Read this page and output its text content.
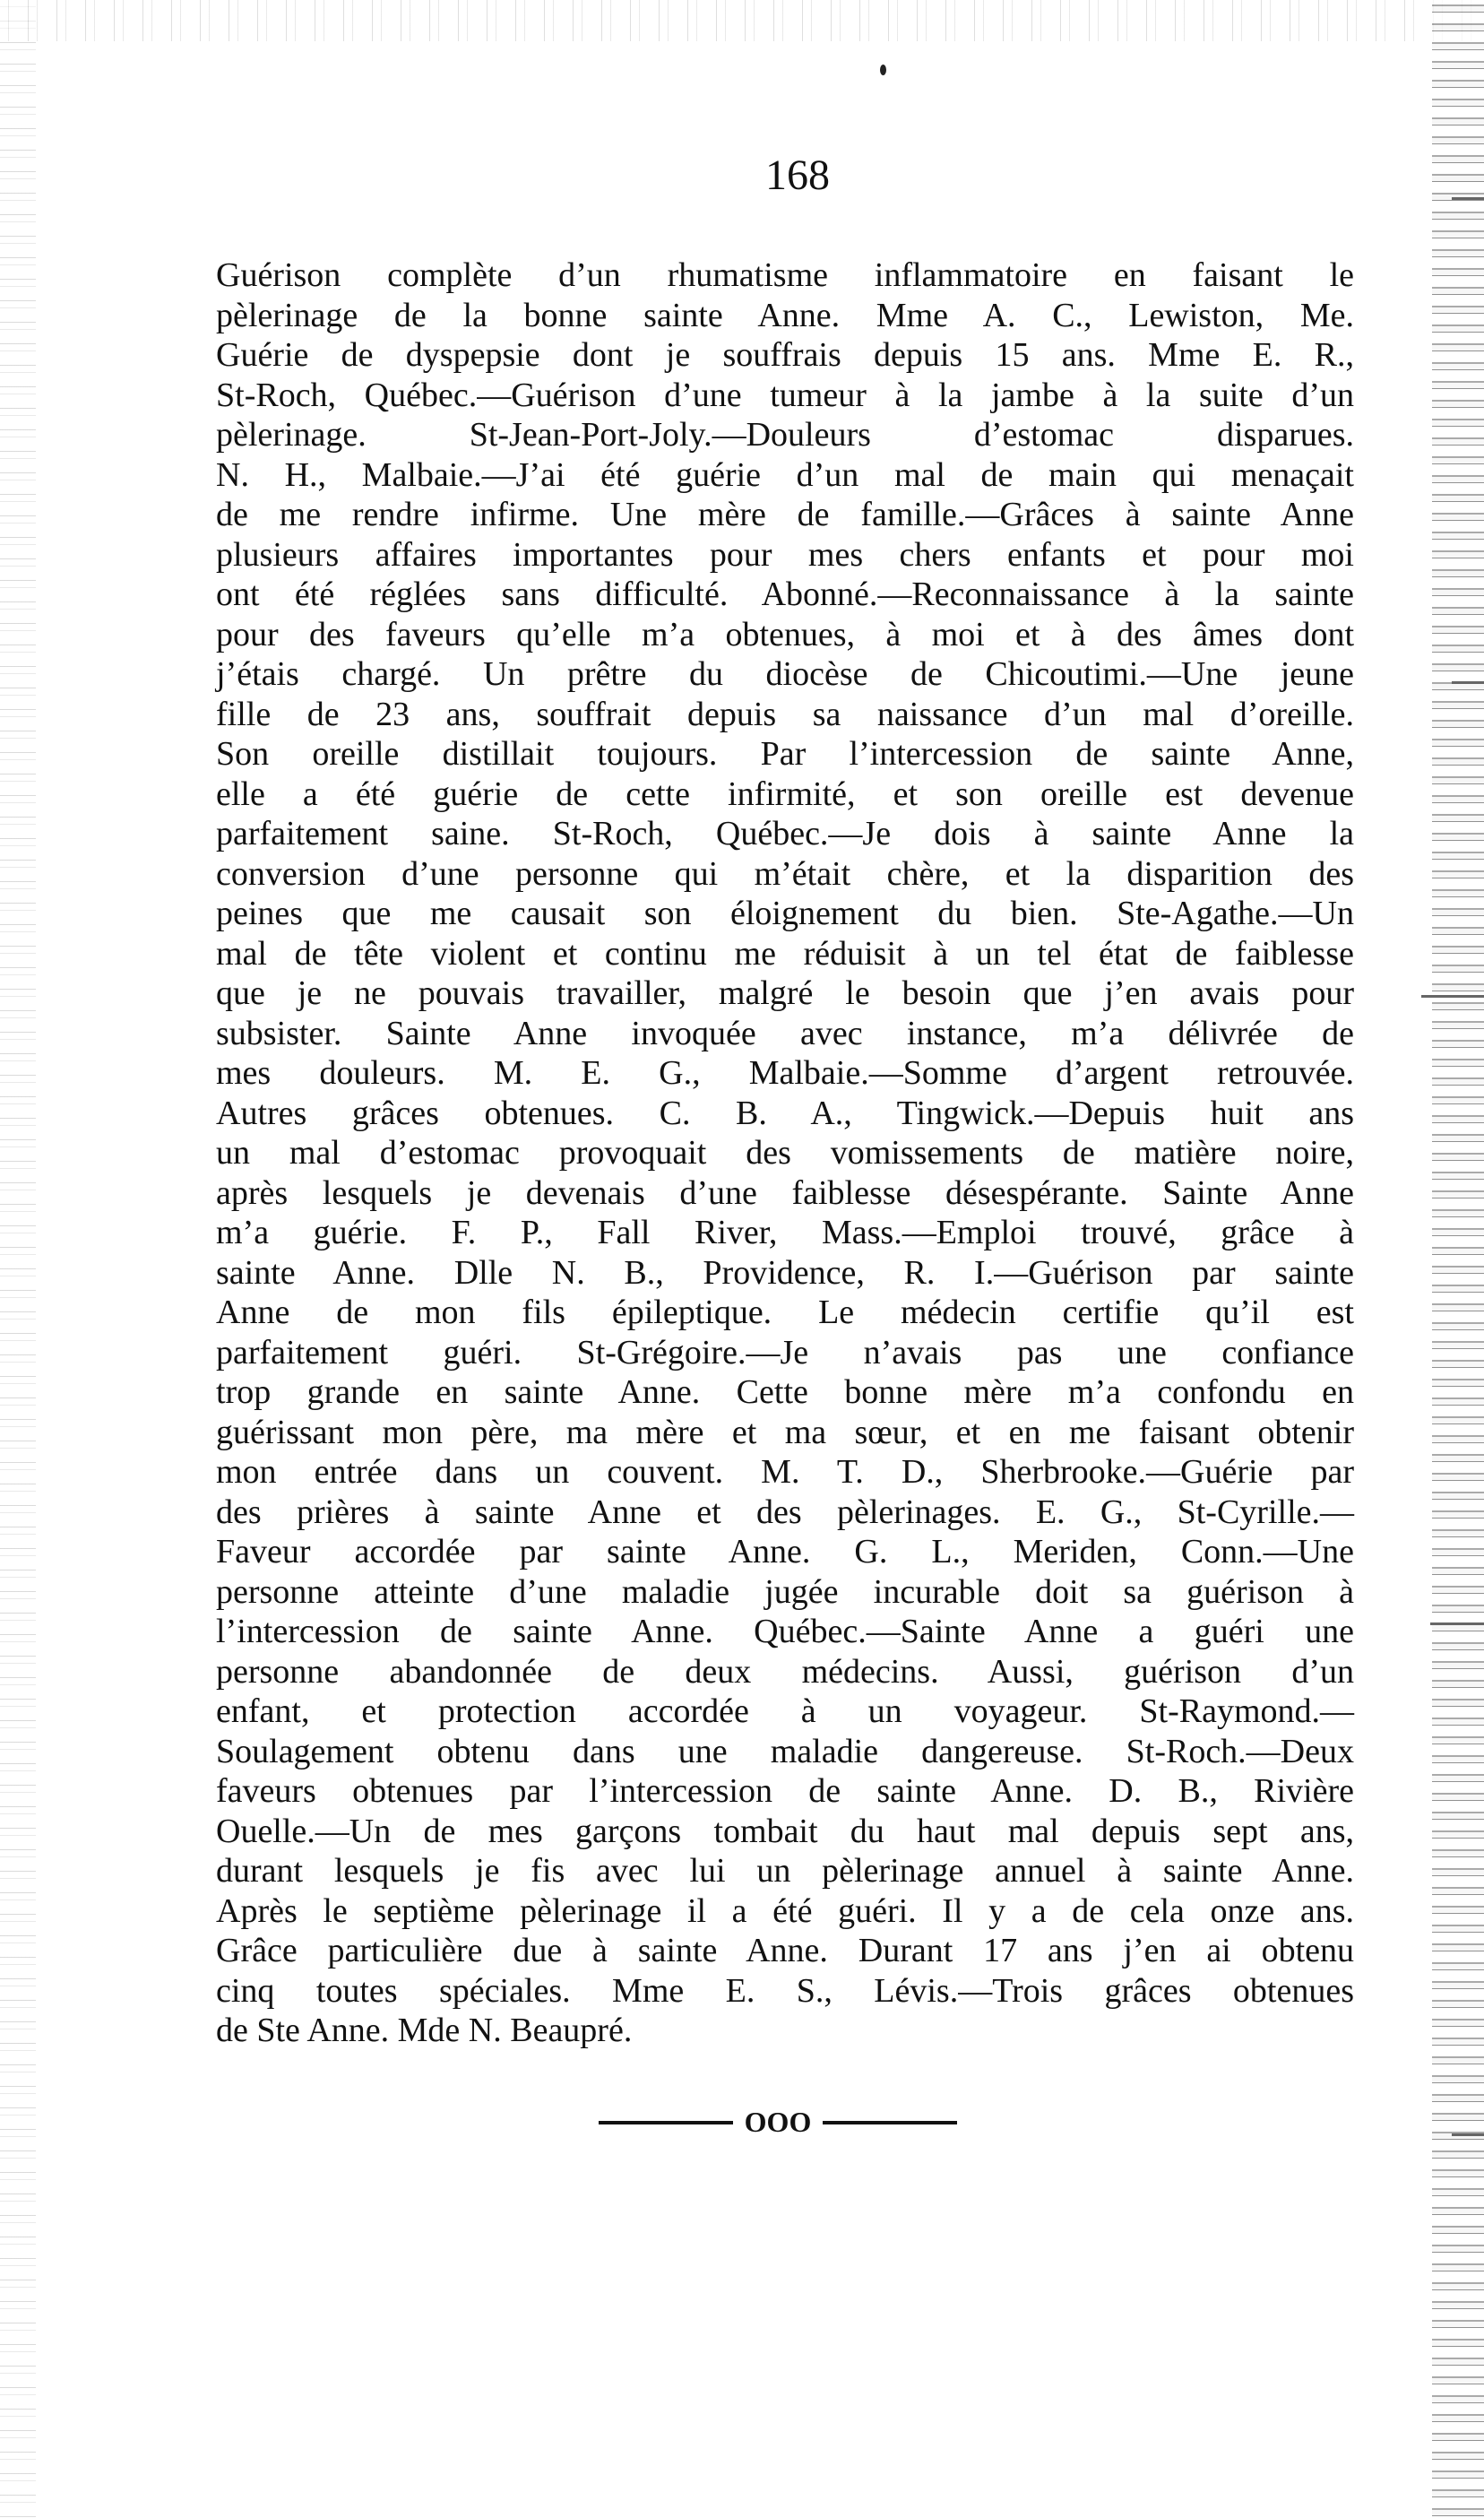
168
Guérison complète d’un rhumatisme inflammatoire en faisant le
pèlerinage de la bonne sainte Anne. Mme A. C., Lewiston, Me.
Guérie de dyspepsie dont je souffrais depuis 15 ans. Mme E. R.,
St-Roch, Québec.—Guérison d’une tumeur à la jambe à la suite d’un
pèlerinage. St-Jean-Port-Joly.—Douleurs d’estomac disparues.
N. H., Malbaie.—J’ai été guérie d’un mal de main qui menaçait
de me rendre infirme. Une mère de famille.—Grâces à sainte Anne
plusieurs affaires importantes pour mes chers enfants et pour moi
ont été réglées sans difficulté. Abonné.—Reconnaissance à la sainte
pour des faveurs qu’elle m’a obtenues, à moi et à des âmes dont
j’étais chargé. Un prêtre du diocèse de Chicoutimi.—Une jeune
fille de 23 ans, souffrait depuis sa naissance d’un mal d’oreille.
Son oreille distillait toujours. Par l’intercession de sainte Anne,
elle a été guérie de cette infirmité, et son oreille est devenue
parfaitement saine. St-Roch, Québec.—Je dois à sainte Anne la
conversion d’une personne qui m’était chère, et la disparition des
peines que me causait son éloignement du bien. Ste-Agathe.—Un
mal de tête violent et continu me réduisit à un tel état de faiblesse
que je ne pouvais travailler, malgré le besoin que j’en avais pour
subsister. Sainte Anne invoquée avec instance, m’a délivrée de
mes douleurs. M. E. G., Malbaie.—Somme d’argent retrouvée.
Autres grâces obtenues. C. B. A., Tingwick.—Depuis huit ans
un mal d’estomac provoquait des vomissements de matière noire,
après lesquels je devenais d’une faiblesse désespérante. Sainte Anne
m’a guérie. F. P., Fall River, Mass.—Emploi trouvé, grâce à
sainte Anne. Dlle N. B., Providence, R. I.—Guérison par sainte
Anne de mon fils épileptique. Le médecin certifie qu’il est
parfaitement guéri. St-Grégoire.—Je n’avais pas une confiance
trop grande en sainte Anne. Cette bonne mère m’a confondu en
guérissant mon père, ma mère et ma sœur, et en me faisant obtenir
mon entrée dans un couvent. M. T. D., Sherbrooke.—Guérie par
des prières à sainte Anne et des pèlerinages. E. G., St-Cyrille.—
Faveur accordée par sainte Anne. G. L., Meriden, Conn.—Une
personne atteinte d’une maladie jugée incurable doit sa guérison à
l’intercession de sainte Anne. Québec.—Sainte Anne a guéri une
personne abandonnée de deux médecins. Aussi, guérison d’un
enfant, et protection accordée à un voyageur. St-Raymond.—
Soulagement obtenu dans une maladie dangereuse. St-Roch.—Deux
faveurs obtenues par l’intercession de sainte Anne. D. B., Rivière
Ouelle.—Un de mes garçons tombait du haut mal depuis sept ans,
durant lesquels je fis avec lui un pèlerinage annuel à sainte Anne.
Après le septième pèlerinage il a été guéri. Il y a de cela onze ans.
Grâce particulière due à sainte Anne. Durant 17 ans j’en ai obtenu
cinq toutes spéciales. Mme E. S., Lévis.—Trois grâces obtenues
de Ste Anne. Mde N. Beaupré.
OOO
